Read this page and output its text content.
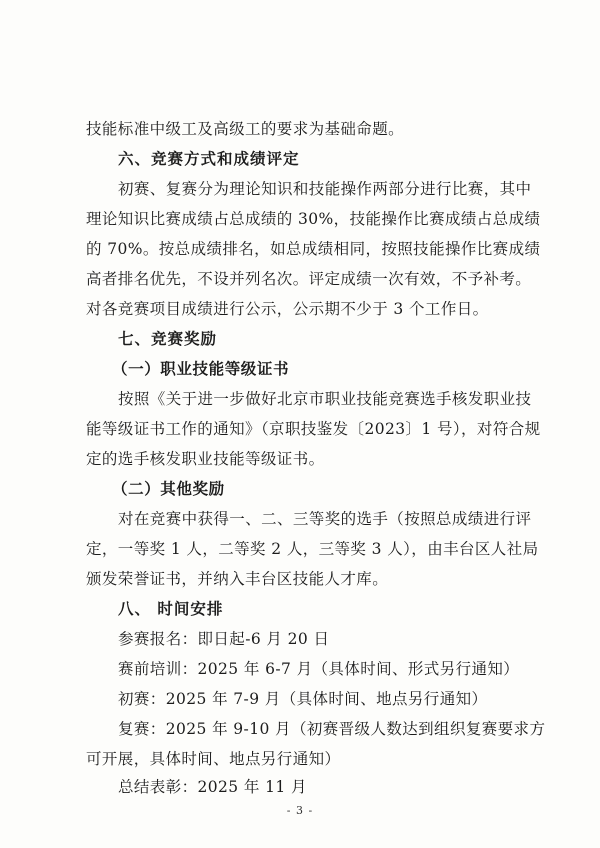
技能标准中级工及高级工的要求为基础命题。
六、竞赛方式和成绩评定
初赛、复赛分为理论知识和技能操作两部分进行比赛，其中
理论知识比赛成绩占总成绩的 30%，技能操作比赛成绩占总成绩
的 70%。按总成绩排名，如总成绩相同，按照技能操作比赛成绩
高者排名优先，不设并列名次。评定成绩一次有效，不予补考。
对各竞赛项目成绩进行公示，公示期不少于 3 个工作日。
七、竞赛奖励
（一）职业技能等级证书
按照《关于进一步做好北京市职业技能竞赛选手核发职业技
能等级证书工作的通知》（京职技鉴发〔2023〕1 号），对符合规
定的选手核发职业技能等级证书。
（二）其他奖励
对在竞赛中获得一、二、三等奖的选手（按照总成绩进行评
定，一等奖 1 人，二等奖 2 人，三等奖 3 人），由丰台区人社局
颁发荣誉证书，并纳入丰台区技能人才库。
八、 时间安排
参赛报名：即日起-6 月 20 日
赛前培训：2025 年 6-7 月（具体时间、形式另行通知）
初赛：2025 年 7-9 月（具体时间、地点另行通知）
复赛：2025 年 9-10 月（初赛晋级人数达到组织复赛要求方
可开展，具体时间、地点另行通知）
总结表彰：2025 年 11 月
- 3 -
